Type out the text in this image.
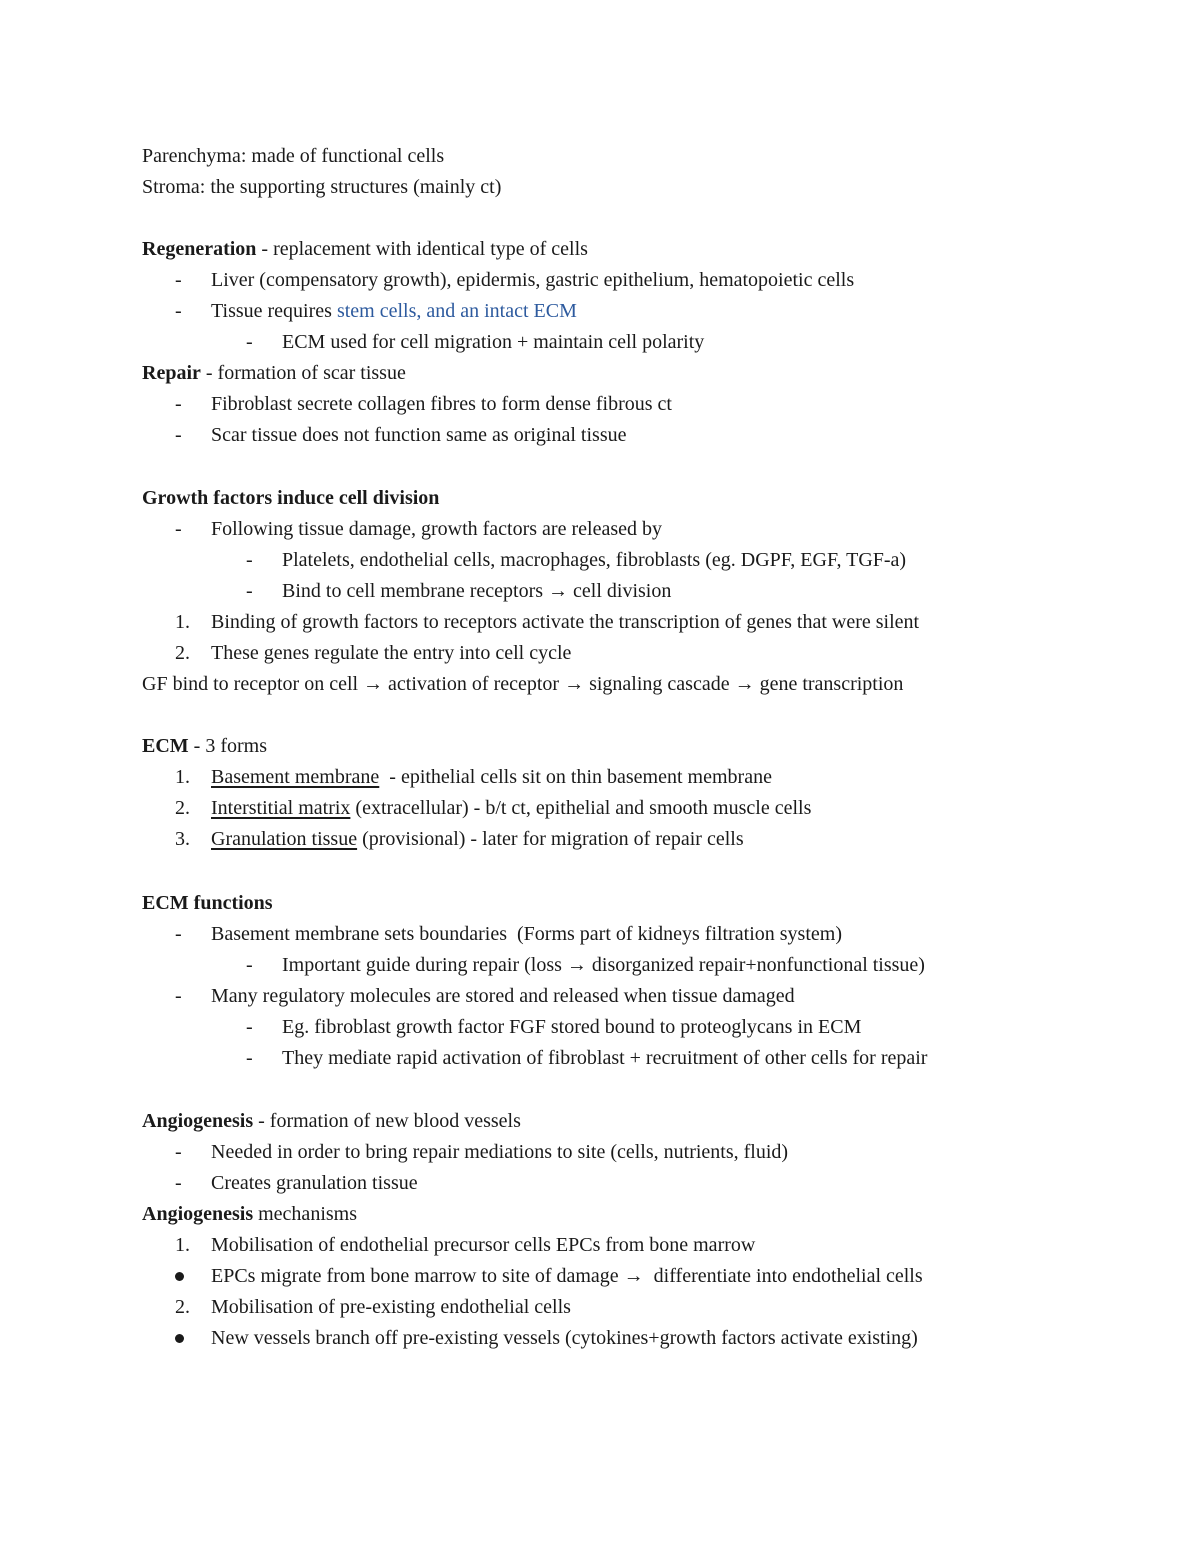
Parenchyma: made of functional cells
Stroma: the supporting structures (mainly ct)
Regeneration - replacement with identical type of cells
- Liver (compensatory growth), epidermis, gastric epithelium, hematopoietic cells
- Tissue requires stem cells, and an intact ECM
- ECM used for cell migration + maintain cell polarity
Repair - formation of scar tissue
- Fibroblast secrete collagen fibres to form dense fibrous ct
- Scar tissue does not function same as original tissue
Growth factors induce cell division
- Following tissue damage, growth factors are released by
- Platelets, endothelial cells, macrophages, fibroblasts (eg. DGPF, EGF, TGF-a)
- Bind to cell membrane receptors → cell division
1. Binding of growth factors to receptors activate the transcription of genes that were silent
2. These genes regulate the entry into cell cycle
GF bind to receptor on cell → activation of receptor → signaling cascade → gene transcription
ECM - 3 forms
1. Basement membrane  - epithelial cells sit on thin basement membrane
2. Interstitial matrix (extracellular) - b/t ct, epithelial and smooth muscle cells
3. Granulation tissue (provisional) - later for migration of repair cells
ECM functions
- Basement membrane sets boundaries  (Forms part of kidneys filtration system)
- Important guide during repair (loss → disorganized repair+nonfunctional tissue)
- Many regulatory molecules are stored and released when tissue damaged
- Eg. fibroblast growth factor FGF stored bound to proteoglycans in ECM
- They mediate rapid activation of fibroblast + recruitment of other cells for repair
Angiogenesis - formation of new blood vessels
- Needed in order to bring repair mediations to site (cells, nutrients, fluid)
- Creates granulation tissue
Angiogenesis mechanisms
1. Mobilisation of endothelial precursor cells EPCs from bone marrow
EPCs migrate from bone marrow to site of damage →  differentiate into endothelial cells
2. Mobilisation of pre-existing endothelial cells
New vessels branch off pre-existing vessels (cytokines+growth factors activate existing)
